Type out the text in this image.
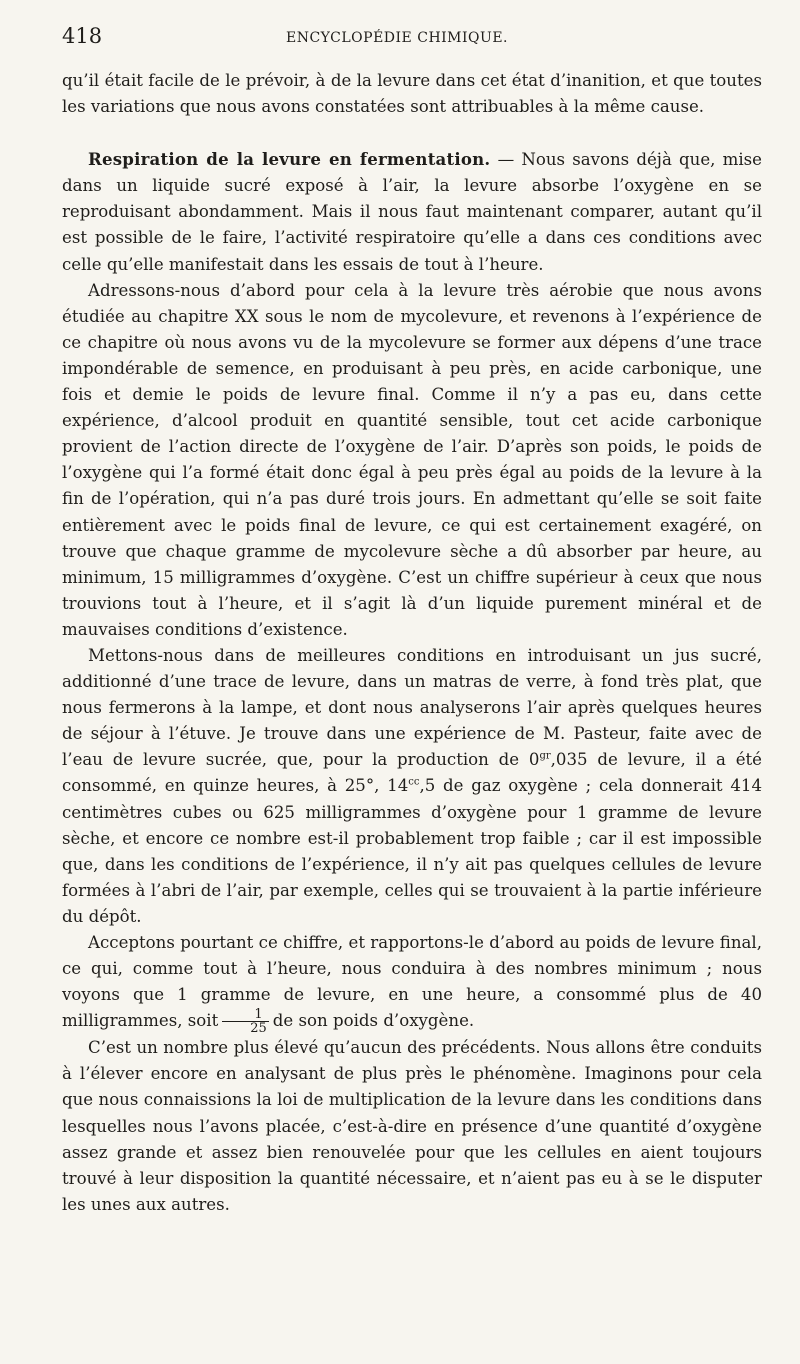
418	ENCYCLOPÉDIE CHIMIQUE.

qu’il était facile de le prévoir, à de la levure dans cet état d’inanition, et que toutes les variations que nous avons constatées sont attribuables à la même cause.

Respiration de la levure en fermentation. — Nous savons déjà que, mise dans un liquide sucré exposé à l’air, la levure absorbe l’oxygène en se reproduisant abondamment. Mais il nous faut maintenant comparer, autant qu’il est possible de le faire, l’activité respiratoire qu’elle a dans ces conditions avec celle qu’elle manifestait dans les essais de tout à l’heure.

Adressons-nous d’abord pour cela à la levure très aérobie que nous avons étudiée au chapitre XX sous le nom de mycolevure, et revenons à l’expérience de ce chapitre où nous avons vu de la mycolevure se former aux dépens d’une trace impondérable de semence, en produisant à peu près, en acide carbonique, une fois et demie le poids de levure final. Comme il n’y a pas eu, dans cette expérience, d’alcool produit en quantité sensible, tout cet acide carbonique provient de l’action directe de l’oxygène de l’air. D’après son poids, le poids de l’oxygène qui l’a formé était donc égal à peu près égal au poids de la levure à la fin de l’opération, qui n’a pas duré trois jours. En admettant qu’elle se soit faite entièrement avec le poids final de levure, ce qui est certainement exagéré, on trouve que chaque gramme de mycolevure sèche a dû absorber par heure, au minimum, 15 milligrammes d’oxygène. C’est un chiffre supérieur à ceux que nous trouvions tout à l’heure, et il s’agit là d’un liquide purement minéral et de mauvaises conditions d’existence.

Mettons-nous dans de meilleures conditions en introduisant un jus sucré, additionné d’une trace de levure, dans un matras de verre, à fond très plat, que nous fermerons à la lampe, et dont nous analyserons l’air après quelques heures de séjour à l’étuve. Je trouve dans une expérience de M. Pasteur, faite avec de l’eau de levure sucrée, que, pour la production de $0^{gr},035$ de levure, il a été consommé, en quinze heures, à 25°, $14^{cc},5$ de gaz oxygène ; cela donnerait 414 centimètres cubes ou 625 milligrammes d’oxygène pour 1 gramme de levure sèche, et encore ce nombre est-il probablement trop faible ; car il est impossible que, dans les conditions de l’expérience, il n’y ait pas quelques cellules de levure formées à l’abri de l’air, par exemple, celles qui se trouvaient à la partie inférieure du dépôt.

Acceptons pourtant ce chiffre, et rapportons-le d’abord au poids de levure final, ce qui, comme tout à l’heure, nous conduira à des nombres minimum ; nous voyons que 1 gramme de levure, en une heure, a consommé plus de 40 milligrammes, soit $\frac{1}{25}$ de son poids d’oxygène.

C’est un nombre plus élevé qu’aucun des précédents. Nous allons être conduits à l’élever encore en analysant de plus près le phénomène. Imaginons pour cela que nous connaissions la loi de multiplication de la levure dans les conditions dans lesquelles nous l’avons placée, c’est-à-dire en présence d’une quantité d’oxygène assez grande et assez bien renouvelée pour que les cellules en aient toujours trouvé à leur disposition la quantité nécessaire, et n’aient pas eu à se le disputer les unes aux autres.
